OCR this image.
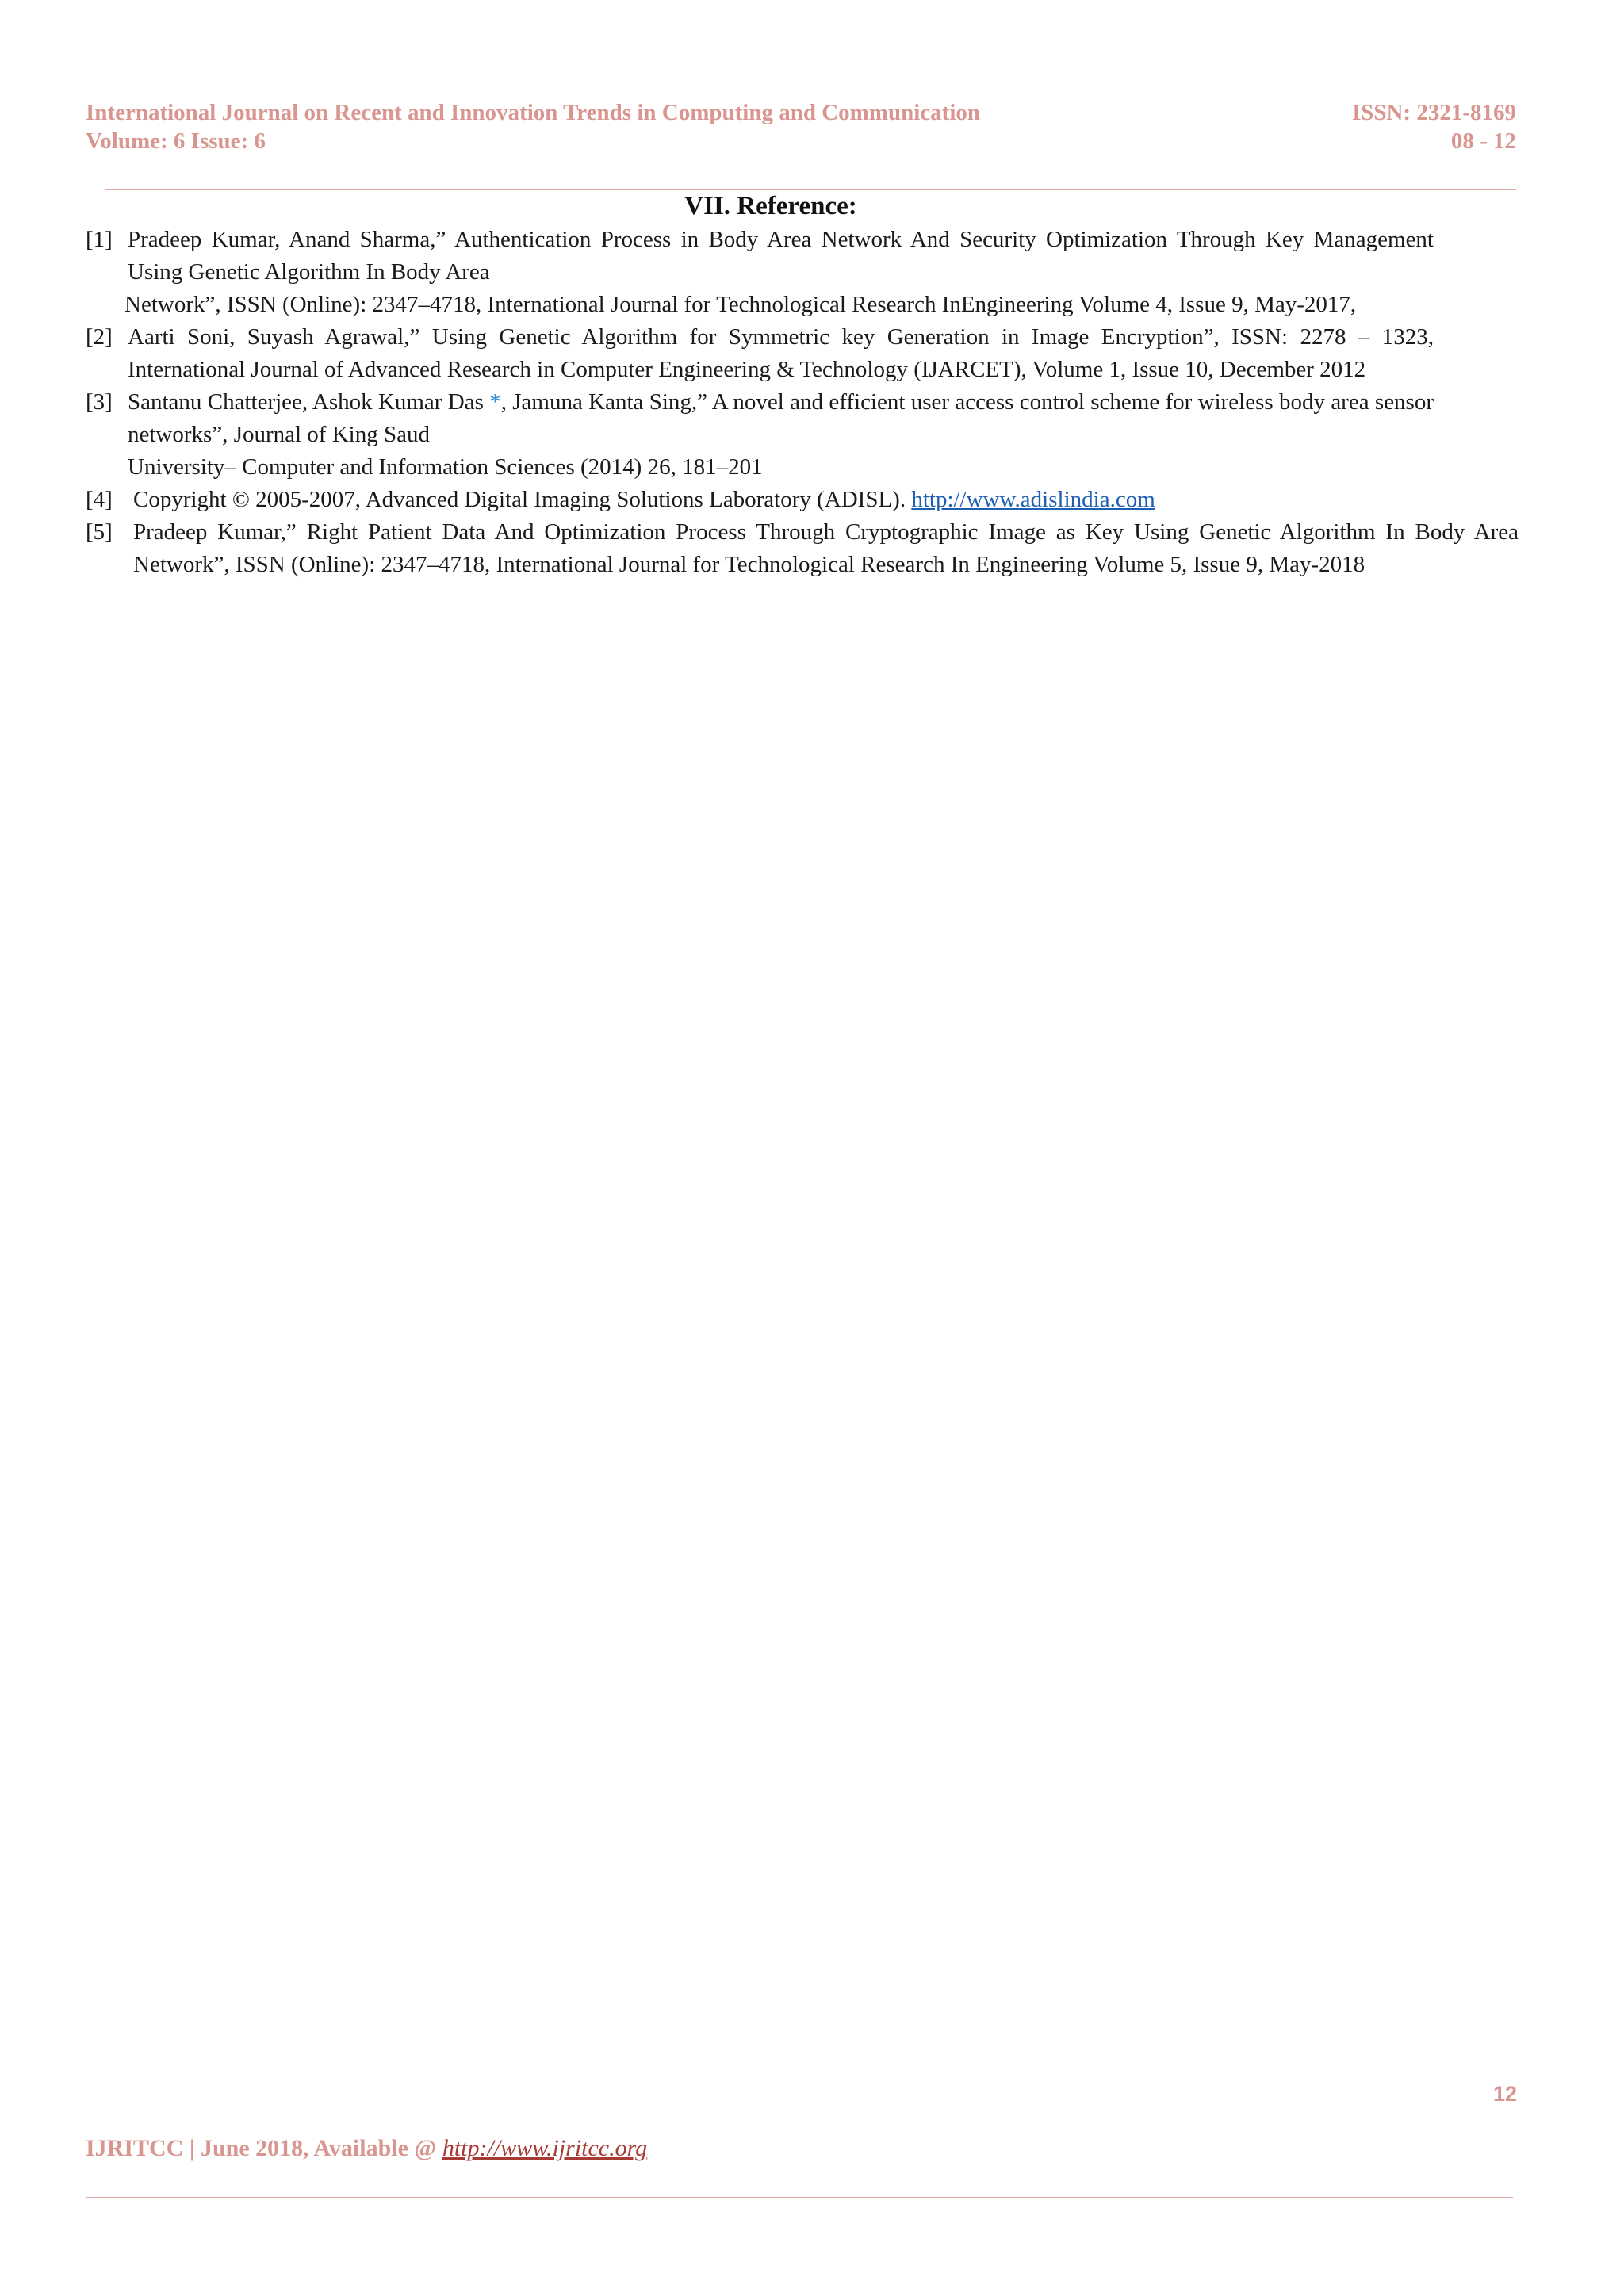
International Journal on Recent and Innovation Trends in Computing and Communication	ISSN: 2321-8169
Volume: 6 Issue: 6	08 - 12
VII. Reference:
[1] Pradeep Kumar, Anand Sharma,” Authentication Process in Body Area Network And Security Optimization Through Key Management Using Genetic Algorithm In Body Area
Network”, ISSN (Online): 2347–4718, International Journal for Technological Research InEngineering Volume 4, Issue 9, May-2017,
[2] Aarti Soni, Suyash Agrawal,” Using Genetic Algorithm for Symmetric key Generation in Image Encryption”, ISSN: 2278 – 1323, International Journal of Advanced Research in Computer Engineering & Technology (IJARCET), Volume 1, Issue 10, December 2012
[3] Santanu Chatterjee, Ashok Kumar Das *, Jamuna Kanta Sing,” A novel and efficient user access control scheme for wireless body area sensor networks”, Journal of King Saud
University– Computer and Information Sciences (2014) 26, 181–201
[4] Copyright © 2005-2007, Advanced Digital Imaging Solutions Laboratory (ADISL). http://www.adislindia.com
[5] Pradeep Kumar,” Right Patient Data And Optimization Process Through Cryptographic Image as Key Using Genetic Algorithm In Body Area Network”, ISSN (Online): 2347–4718, International Journal for Technological Research In Engineering Volume 5, Issue 9, May-2018
12
IJRITCC | June 2018, Available @ http://www.ijritcc.org
